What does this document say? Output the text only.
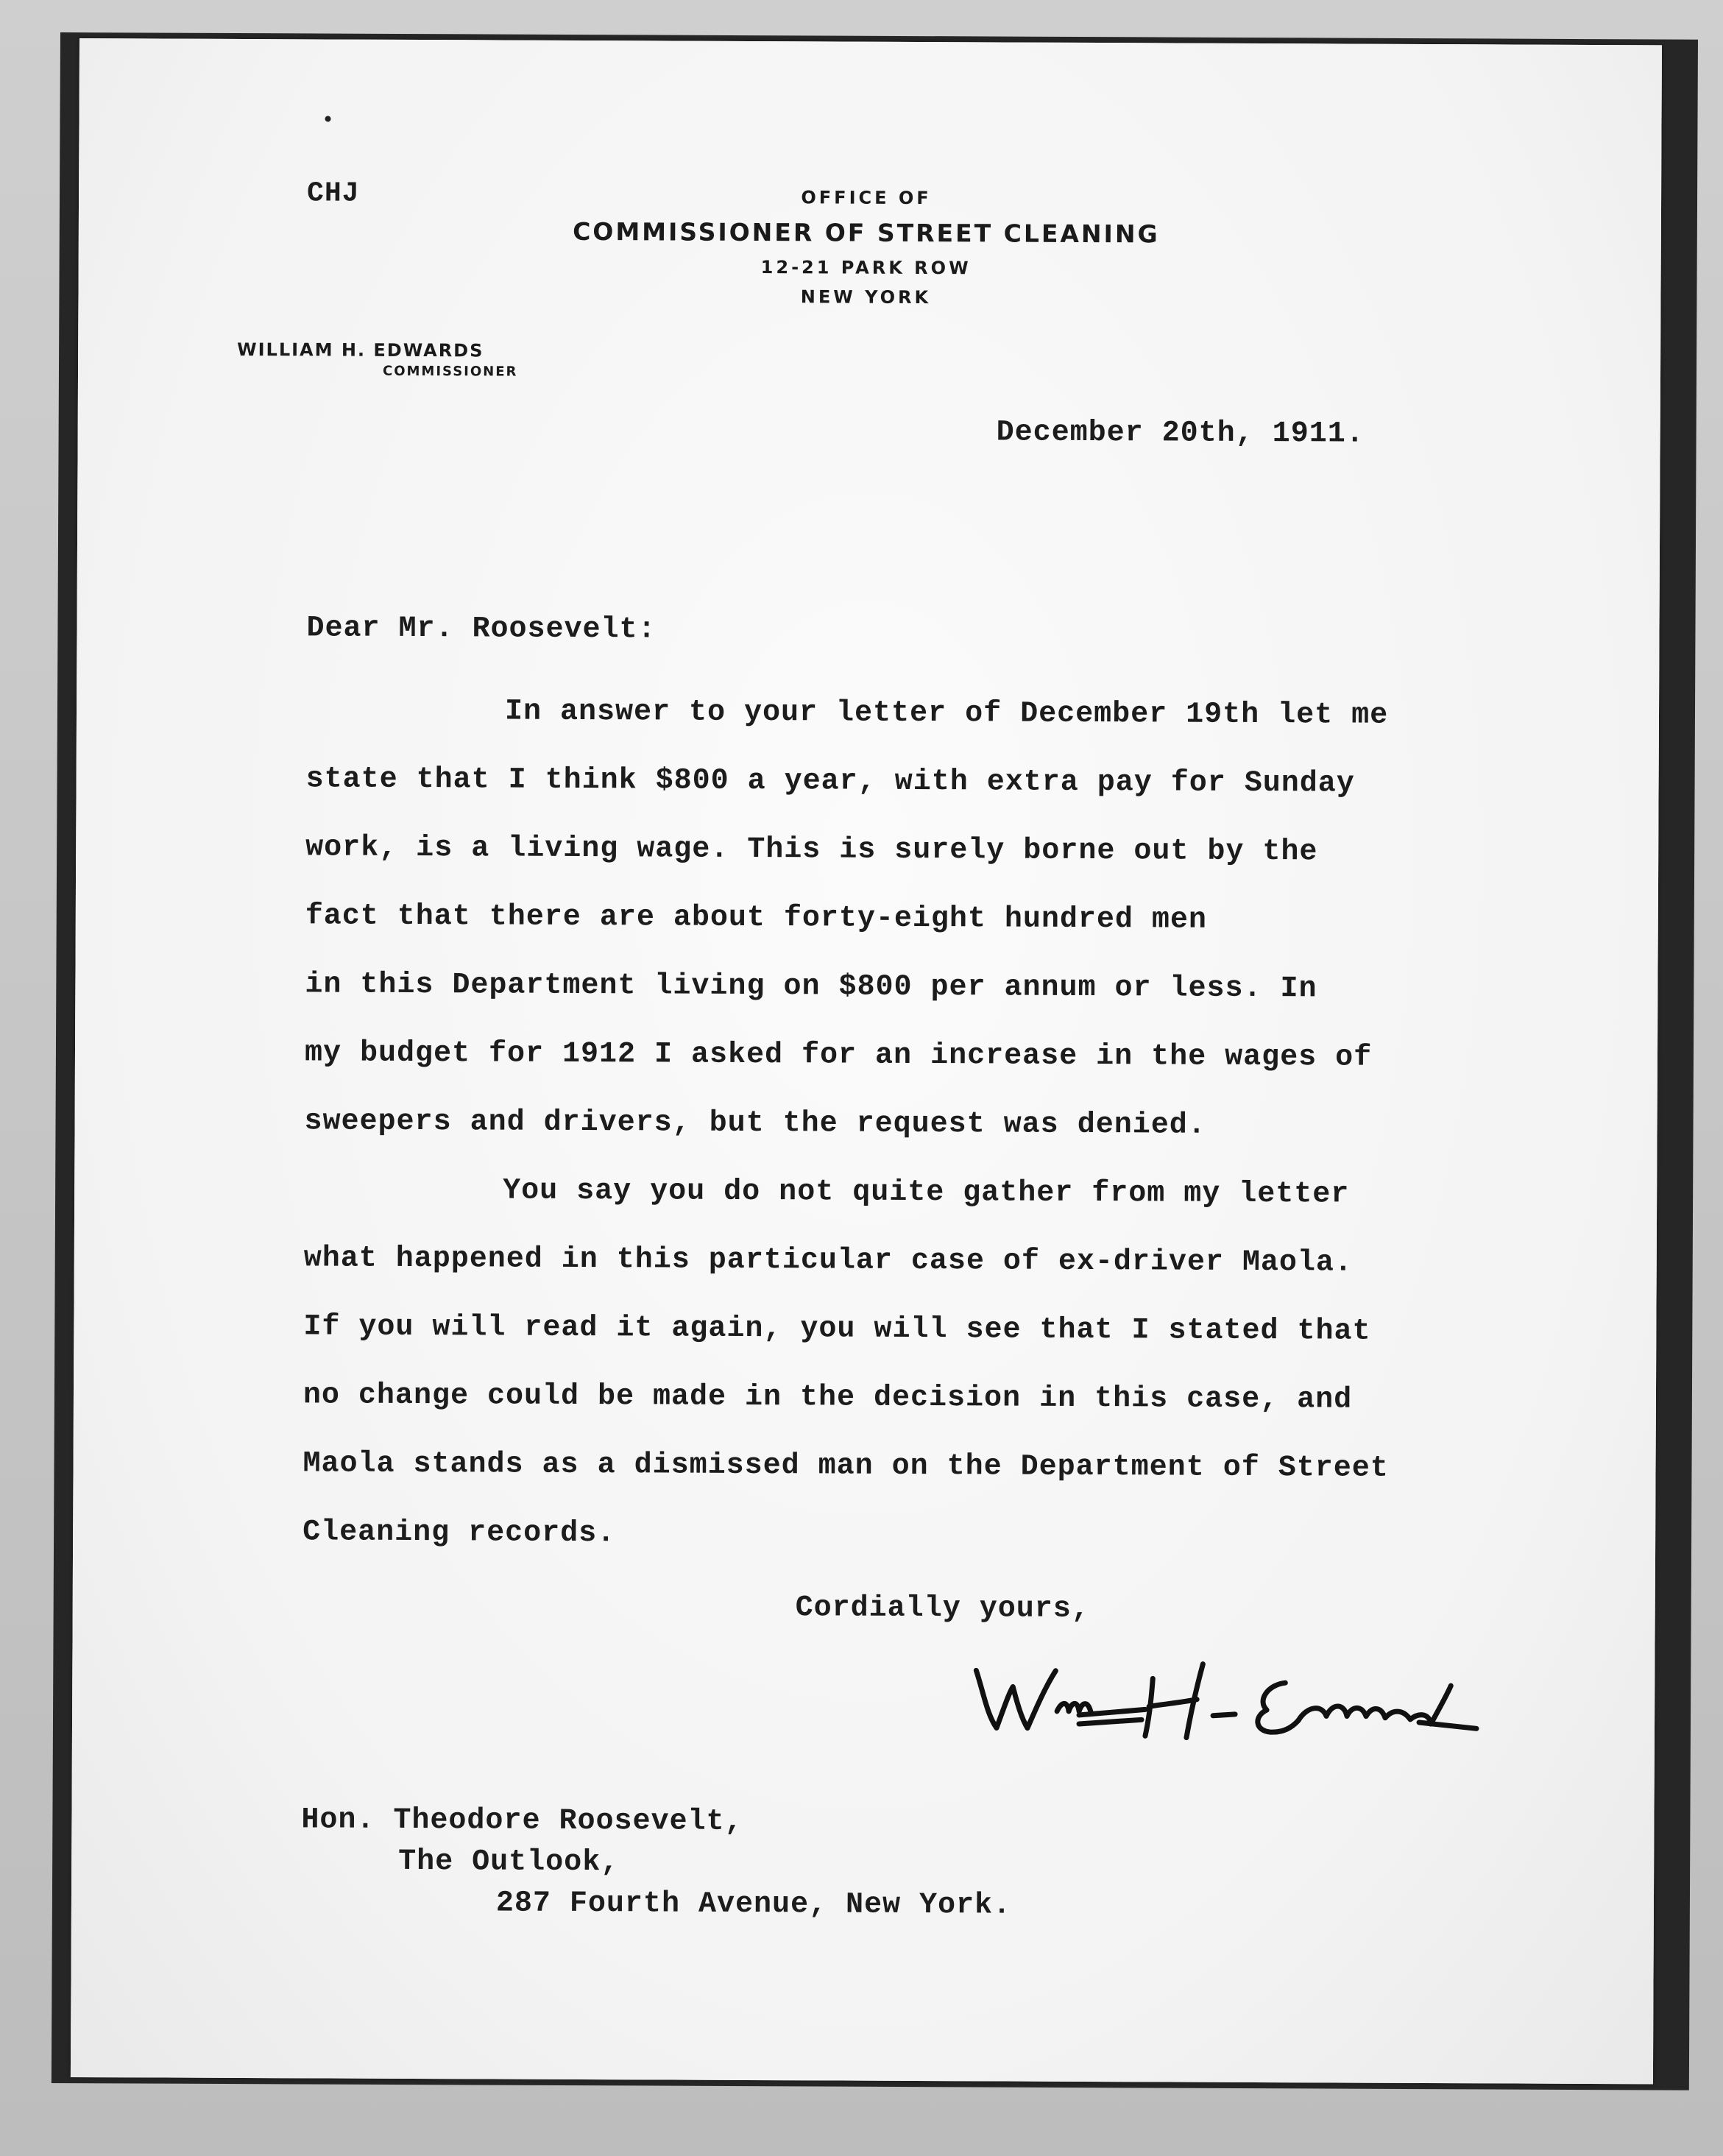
CHJ	OFFICE OF
COMMISSIONER OF STREET CLEANING
12-21 PARK ROW
NEW YORK
WILLIAM H. EDWARDS
COMMISSIONER
December 20th, 1911.
Dear Mr. Roosevelt:
In answer to your letter of December 19th let me
state that I think $800 a year, with extra pay for Sunday
work, is a living wage. This is surely borne out by the
fact that there are about forty-eight hundred men
in this Department living on $800 per annum or less. In
my budget for 1912 I asked for an increase in the wages of
sweepers and drivers, but the request was denied.
You say you do not quite gather from my letter
what happened in this particular case of ex-driver Maola.
If you will read it again, you will see that I stated that
no change could be made in the decision in this case, and
Maola stands as a dismissed man on the Department of Street
Cleaning records.
Cordially yours,
Hon. Theodore Roosevelt,
The Outlook,
287 Fourth Avenue, New York.
